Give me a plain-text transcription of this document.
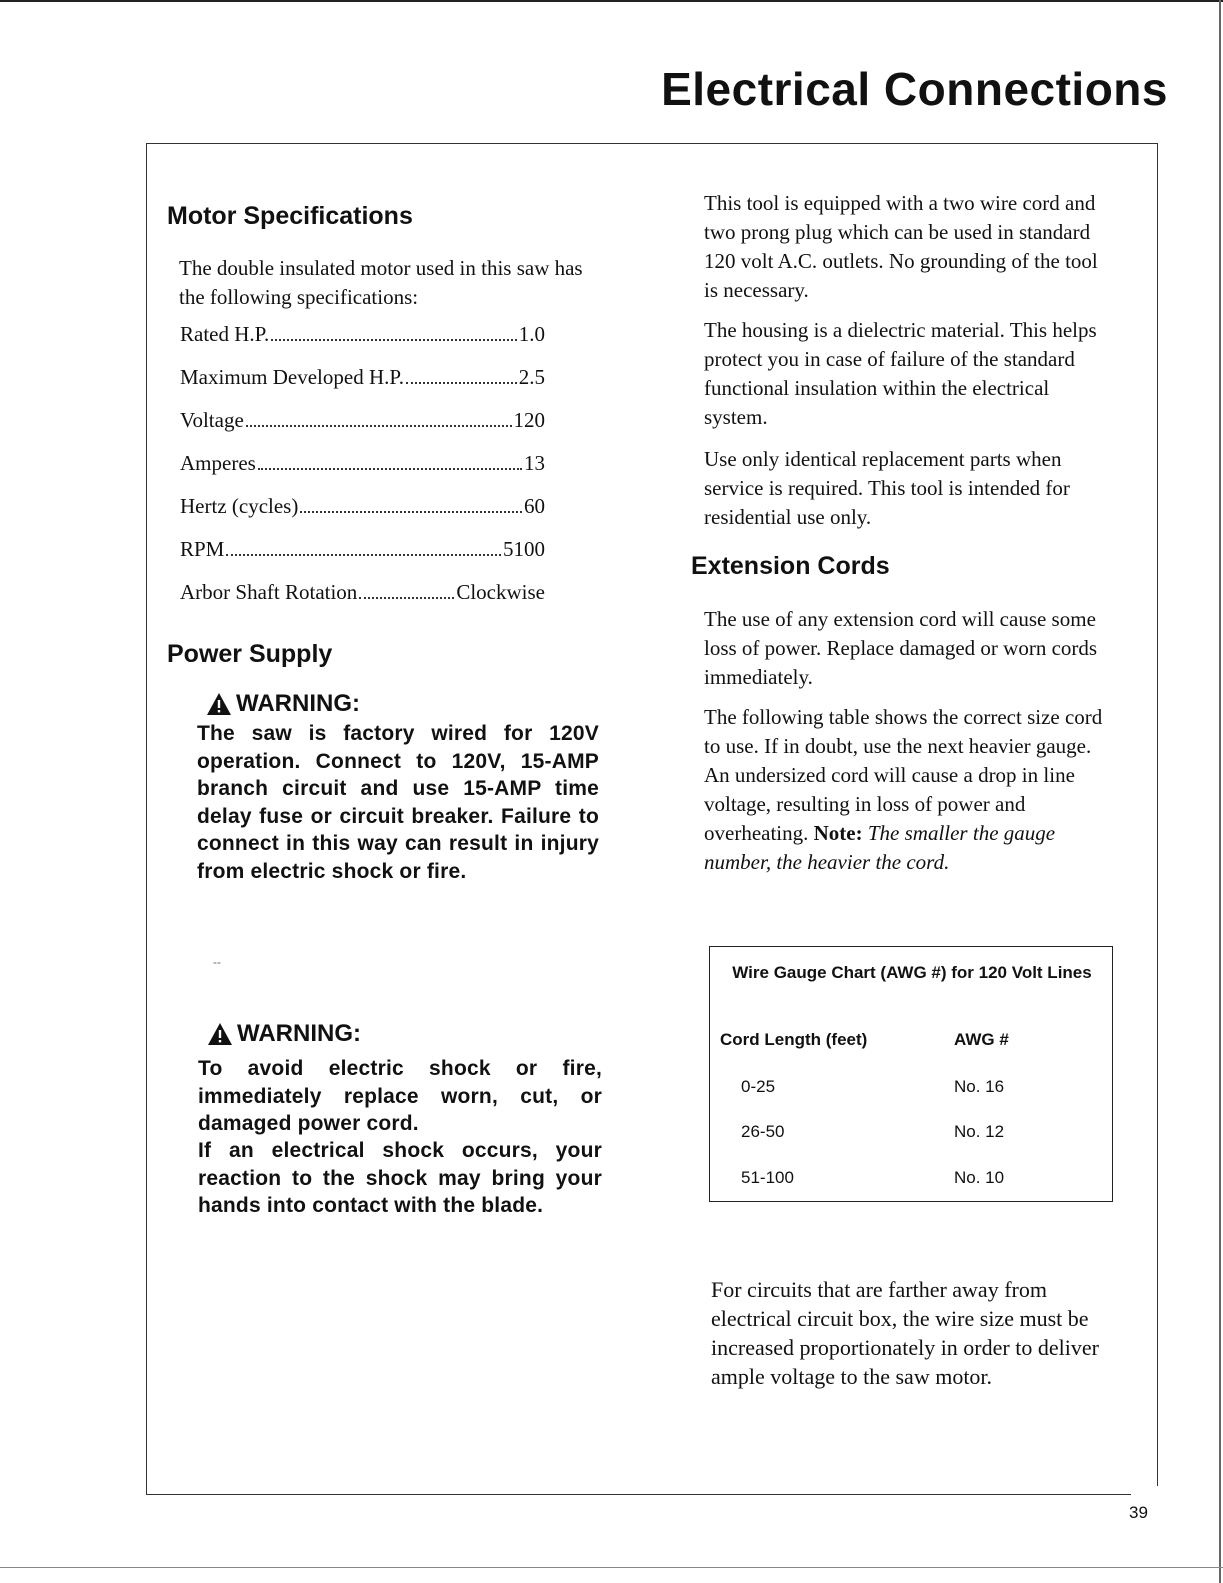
Electrical Connections
Motor Specifications

The double insulated motor used in this saw has the following specifications:

Rated H.P.	1.0
Maximum Developed H.P.	2.5
Voltage	120
Amperes	13
Hertz (cycles)	60
RPM	5100
Arbor Shaft Rotation	Clockwise
Power Supply
WARNING:

The saw is factory wired for 120V operation. Connect to 120V, 15-AMP branch circuit and use 15-AMP time delay fuse or circuit breaker. Failure to connect in this way can result in injury from electric shock or fire.

--
WARNING:

To avoid electric shock or fire, immediately replace worn, cut, or damaged power cord.

If an electrical shock occurs, your reaction to the shock may bring your hands into contact with the blade.

This tool is equipped with a two wire cord and two prong plug which can be used in standard 120 volt A.C. outlets. No grounding of the tool is necessary.

The housing is a dielectric material. This helps protect you in case of failure of the standard functional insulation within the electrical system.

Use only identical replacement parts when service is required. This tool is intended for residential use only.

Extension Cords

The use of any extension cord will cause some loss of power. Replace damaged or worn cords immediately.

The following table shows the correct size cord to use. If in doubt, use the next heavier gauge. An undersized cord will cause a drop in line voltage, resulting in loss of power and overheating. Note: The smaller the gauge number, the heavier the cord.

Wire Gauge Chart (AWG #) for 120 Volt Lines
Cord Length (feet)	AWG #
0-25	No. 16
26-50	No. 12
51-100	No. 10

For circuits that are farther away from electrical circuit box, the wire size must be increased proportionately in order to deliver ample voltage to the saw motor.

39
